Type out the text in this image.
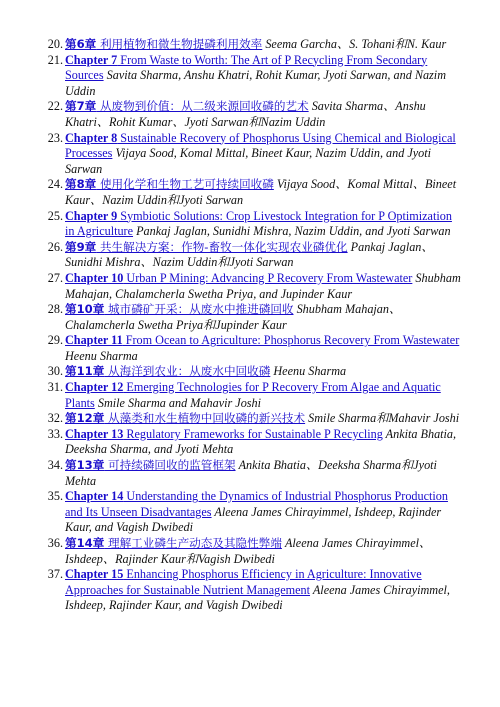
20. 第6章 利用植物和微生物提磷利用效率 Seema Garcha、S. Tohani和N. Kaur
21. Chapter 7 From Waste to Worth: The Art of P Recycling From Secondary Sources Savita Sharma, Anshu Khatri, Rohit Kumar, Jyoti Sarwan, and Nazim Uddin
22. 第7章 从废物到价值：从二级来源回收磷的艺术 Savita Sharma、Anshu Khatri、Rohit Kumar、Jyoti Sarwan和Nazim Uddin
23. Chapter 8 Sustainable Recovery of Phosphorus Using Chemical and Biological Processes Vijaya Sood, Komal Mittal, Bineet Kaur, Nazim Uddin, and Jyoti Sarwan
24. 第8章 使用化学和生物工艺可持续回收磷 Vijaya Sood、Komal Mittal、Bineet Kaur、Nazim Uddin和Jyoti Sarwan
25. Chapter 9 Symbiotic Solutions: Crop Livestock Integration for P Optimization in Agriculture Pankaj Jaglan, Sunidhi Mishra, Nazim Uddin, and Jyoti Sarwan
26. 第9章 共生解决方案：作物-畜牧一体化实现农业磷优化 Pankaj Jaglan、Sunidhi Mishra、Nazim Uddin和Jyoti Sarwan
27. Chapter 10 Urban P Mining: Advancing P Recovery From Wastewater Shubham Mahajan, Chalamcherla Swetha Priya, and Jupinder Kaur
28. 第10章 城市磷矿开采：从废水中推进磷回收 Shubham Mahajan、Chalamcherla Swetha Priya和Jupinder Kaur
29. Chapter 11 From Ocean to Agriculture: Phosphorus Recovery From Wastewater Heenu Sharma
30. 第11章 从海洋到农业：从废水中回收磷 Heenu Sharma
31. Chapter 12 Emerging Technologies for P Recovery From Algae and Aquatic Plants Smile Sharma and Mahavir Joshi
32. 第12章 从藻类和水生植物中回收磷的新兴技术 Smile Sharma和Mahavir Joshi
33. Chapter 13 Regulatory Frameworks for Sustainable P Recycling Ankita Bhatia, Deeksha Sharma, and Jyoti Mehta
34. 第13章 可持续磷回收的监管框架 Ankita Bhatia、Deeksha Sharma和Jyoti Mehta
35. Chapter 14 Understanding the Dynamics of Industrial Phosphorus Production and Its Unseen Disadvantages Aleena James Chirayimmel, Ishdeep, Rajinder Kaur, and Vagish Dwibedi
36. 第14章 理解工业磷生产动态及其隐性弊端 Aleena James Chirayimmel、Ishdeep、Rajinder Kaur和Vagish Dwibedi
37. Chapter 15 Enhancing Phosphorus Efficiency in Agriculture: Innovative Approaches for Sustainable Nutrient Management Aleena James Chirayimmel, Ishdeep, Rajinder Kaur, and Vagish Dwibedi
